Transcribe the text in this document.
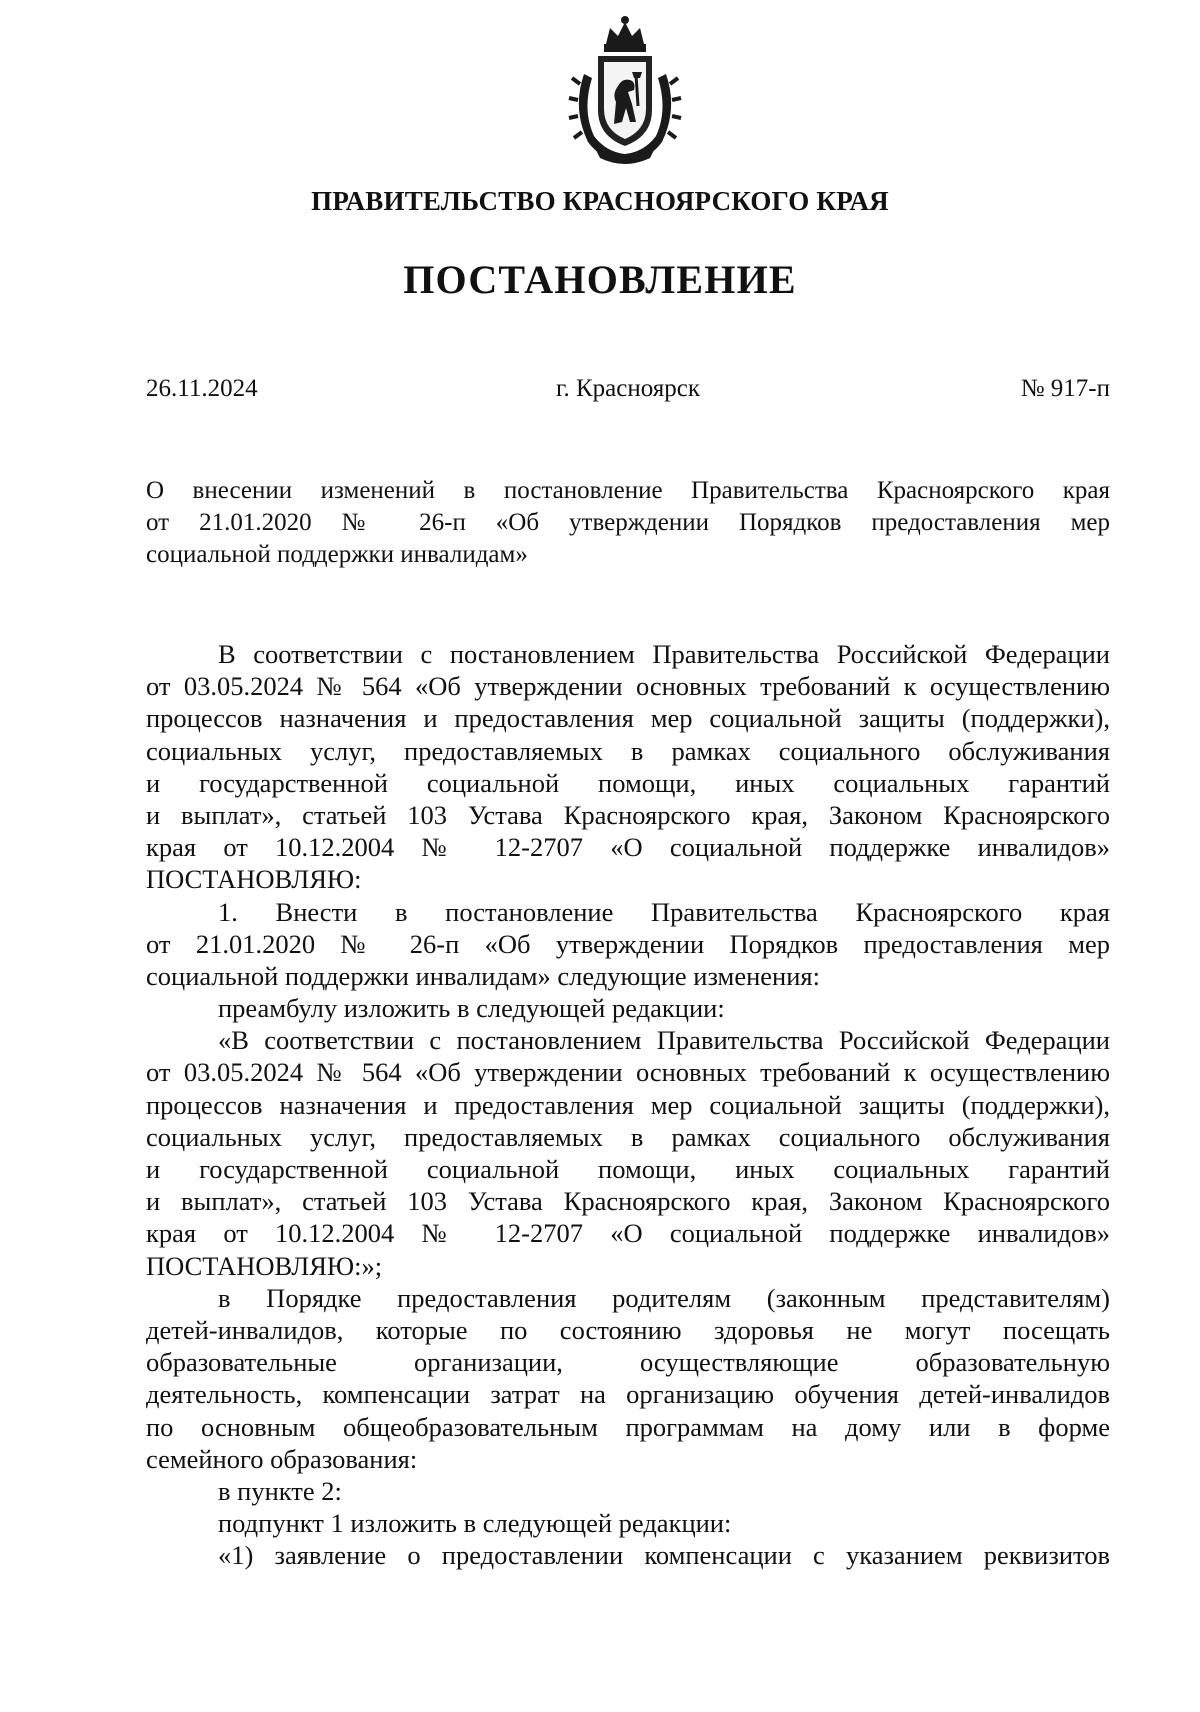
ПРАВИТЕЛЬСТВО КРАСНОЯРСКОГО КРАЯ
ПОСТАНОВЛЕНИЕ
26.11.2024	г. Красноярск	№ 917-п
О внесении изменений в постановление Правительства Красноярского края
от 21.01.2020 № 26-п «Об утверждении Порядков предоставления мер
социальной поддержки инвалидам»
В соответствии с постановлением Правительства Российской Федерации
от 03.05.2024 № 564 «Об утверждении основных требований к осуществлению
процессов назначения и предоставления мер социальной защиты (поддержки),
социальных услуг, предоставляемых в рамках социального обслуживания
и государственной социальной помощи, иных социальных гарантий
и выплат», статьей 103 Устава Красноярского края, Законом Красноярского
края от 10.12.2004 № 12-2707 «О социальной поддержке инвалидов»
ПОСТАНОВЛЯЮ:
1. Внести в постановление Правительства Красноярского края
от 21.01.2020 № 26-п «Об утверждении Порядков предоставления мер
социальной поддержки инвалидам» следующие изменения:
преамбулу изложить в следующей редакции:
«В соответствии с постановлением Правительства Российской Федерации
от 03.05.2024 № 564 «Об утверждении основных требований к осуществлению
процессов назначения и предоставления мер социальной защиты (поддержки),
социальных услуг, предоставляемых в рамках социального обслуживания
и государственной социальной помощи, иных социальных гарантий
и выплат», статьей 103 Устава Красноярского края, Законом Красноярского
края от 10.12.2004 № 12-2707 «О социальной поддержке инвалидов»
ПОСТАНОВЛЯЮ:»;
в Порядке предоставления родителям (законным представителям)
детей-инвалидов, которые по состоянию здоровья не могут посещать
образовательные организации, осуществляющие образовательную
деятельность, компенсации затрат на организацию обучения детей-инвалидов
по основным общеобразовательным программам на дому или в форме
семейного образования:
в пункте 2:
подпункт 1 изложить в следующей редакции:
«1) заявление о предоставлении компенсации с указанием реквизитов
